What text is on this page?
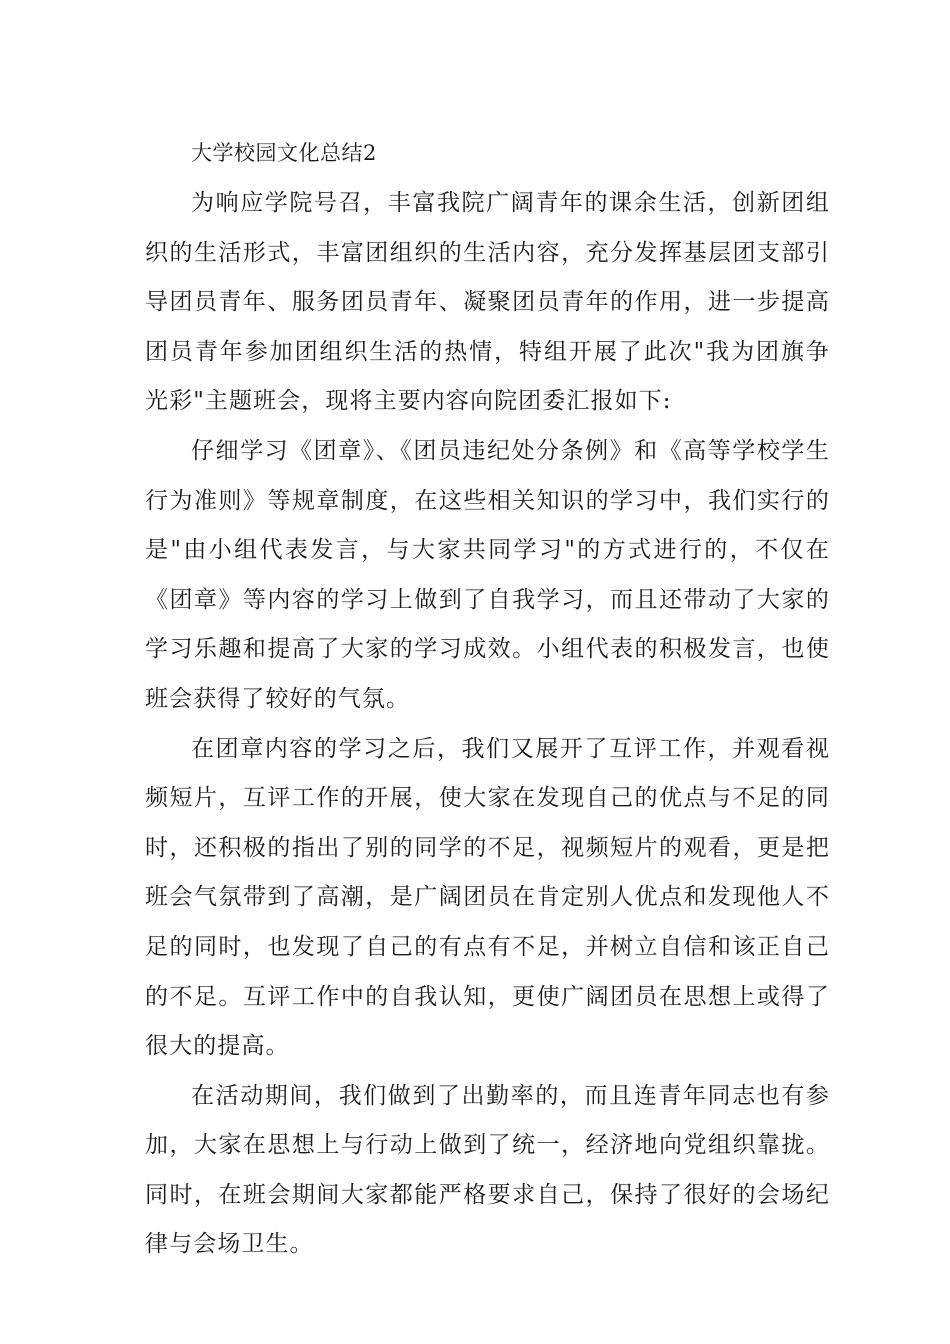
大学校园文化总结2

为响应学院号召，丰富我院广阔青年的课余生活，创新团组织的生活形式，丰富团组织的生活内容，充分发挥基层团支部引导团员青年、服务团员青年、凝聚团员青年的作用，进一步提高团员青年参加团组织生活的热情，特组开展了此次"我为团旗争光彩"主题班会，现将主要内容向院团委汇报如下:

仔细学习《团章》、《团员违纪处分条例》和《高等学校学生行为准则》等规章制度，在这些相关知识的学习中，我们实行的是"由小组代表发言，与大家共同学习"的方式进行的，不仅在《团章》等内容的学习上做到了自我学习，而且还带动了大家的学习乐趣和提高了大家的学习成效。小组代表的积极发言，也使班会获得了较好的气氛。

在团章内容的学习之后，我们又展开了互评工作，并观看视频短片，互评工作的开展，使大家在发现自己的优点与不足的同时，还积极的指出了别的同学的不足，视频短片的观看，更是把班会气氛带到了高潮，是广阔团员在肯定别人优点和发现他人不足的同时，也发现了自己的有点有不足，并树立自信和该正自己的不足。互评工作中的自我认知，更使广阔团员在思想上或得了很大的提高。

在活动期间，我们做到了出勤率的，而且连青年同志也有参加，大家在思想上与行动上做到了统一，经济地向党组织靠拢。同时，在班会期间大家都能严格要求自己，保持了很好的会场纪律与会场卫生。
